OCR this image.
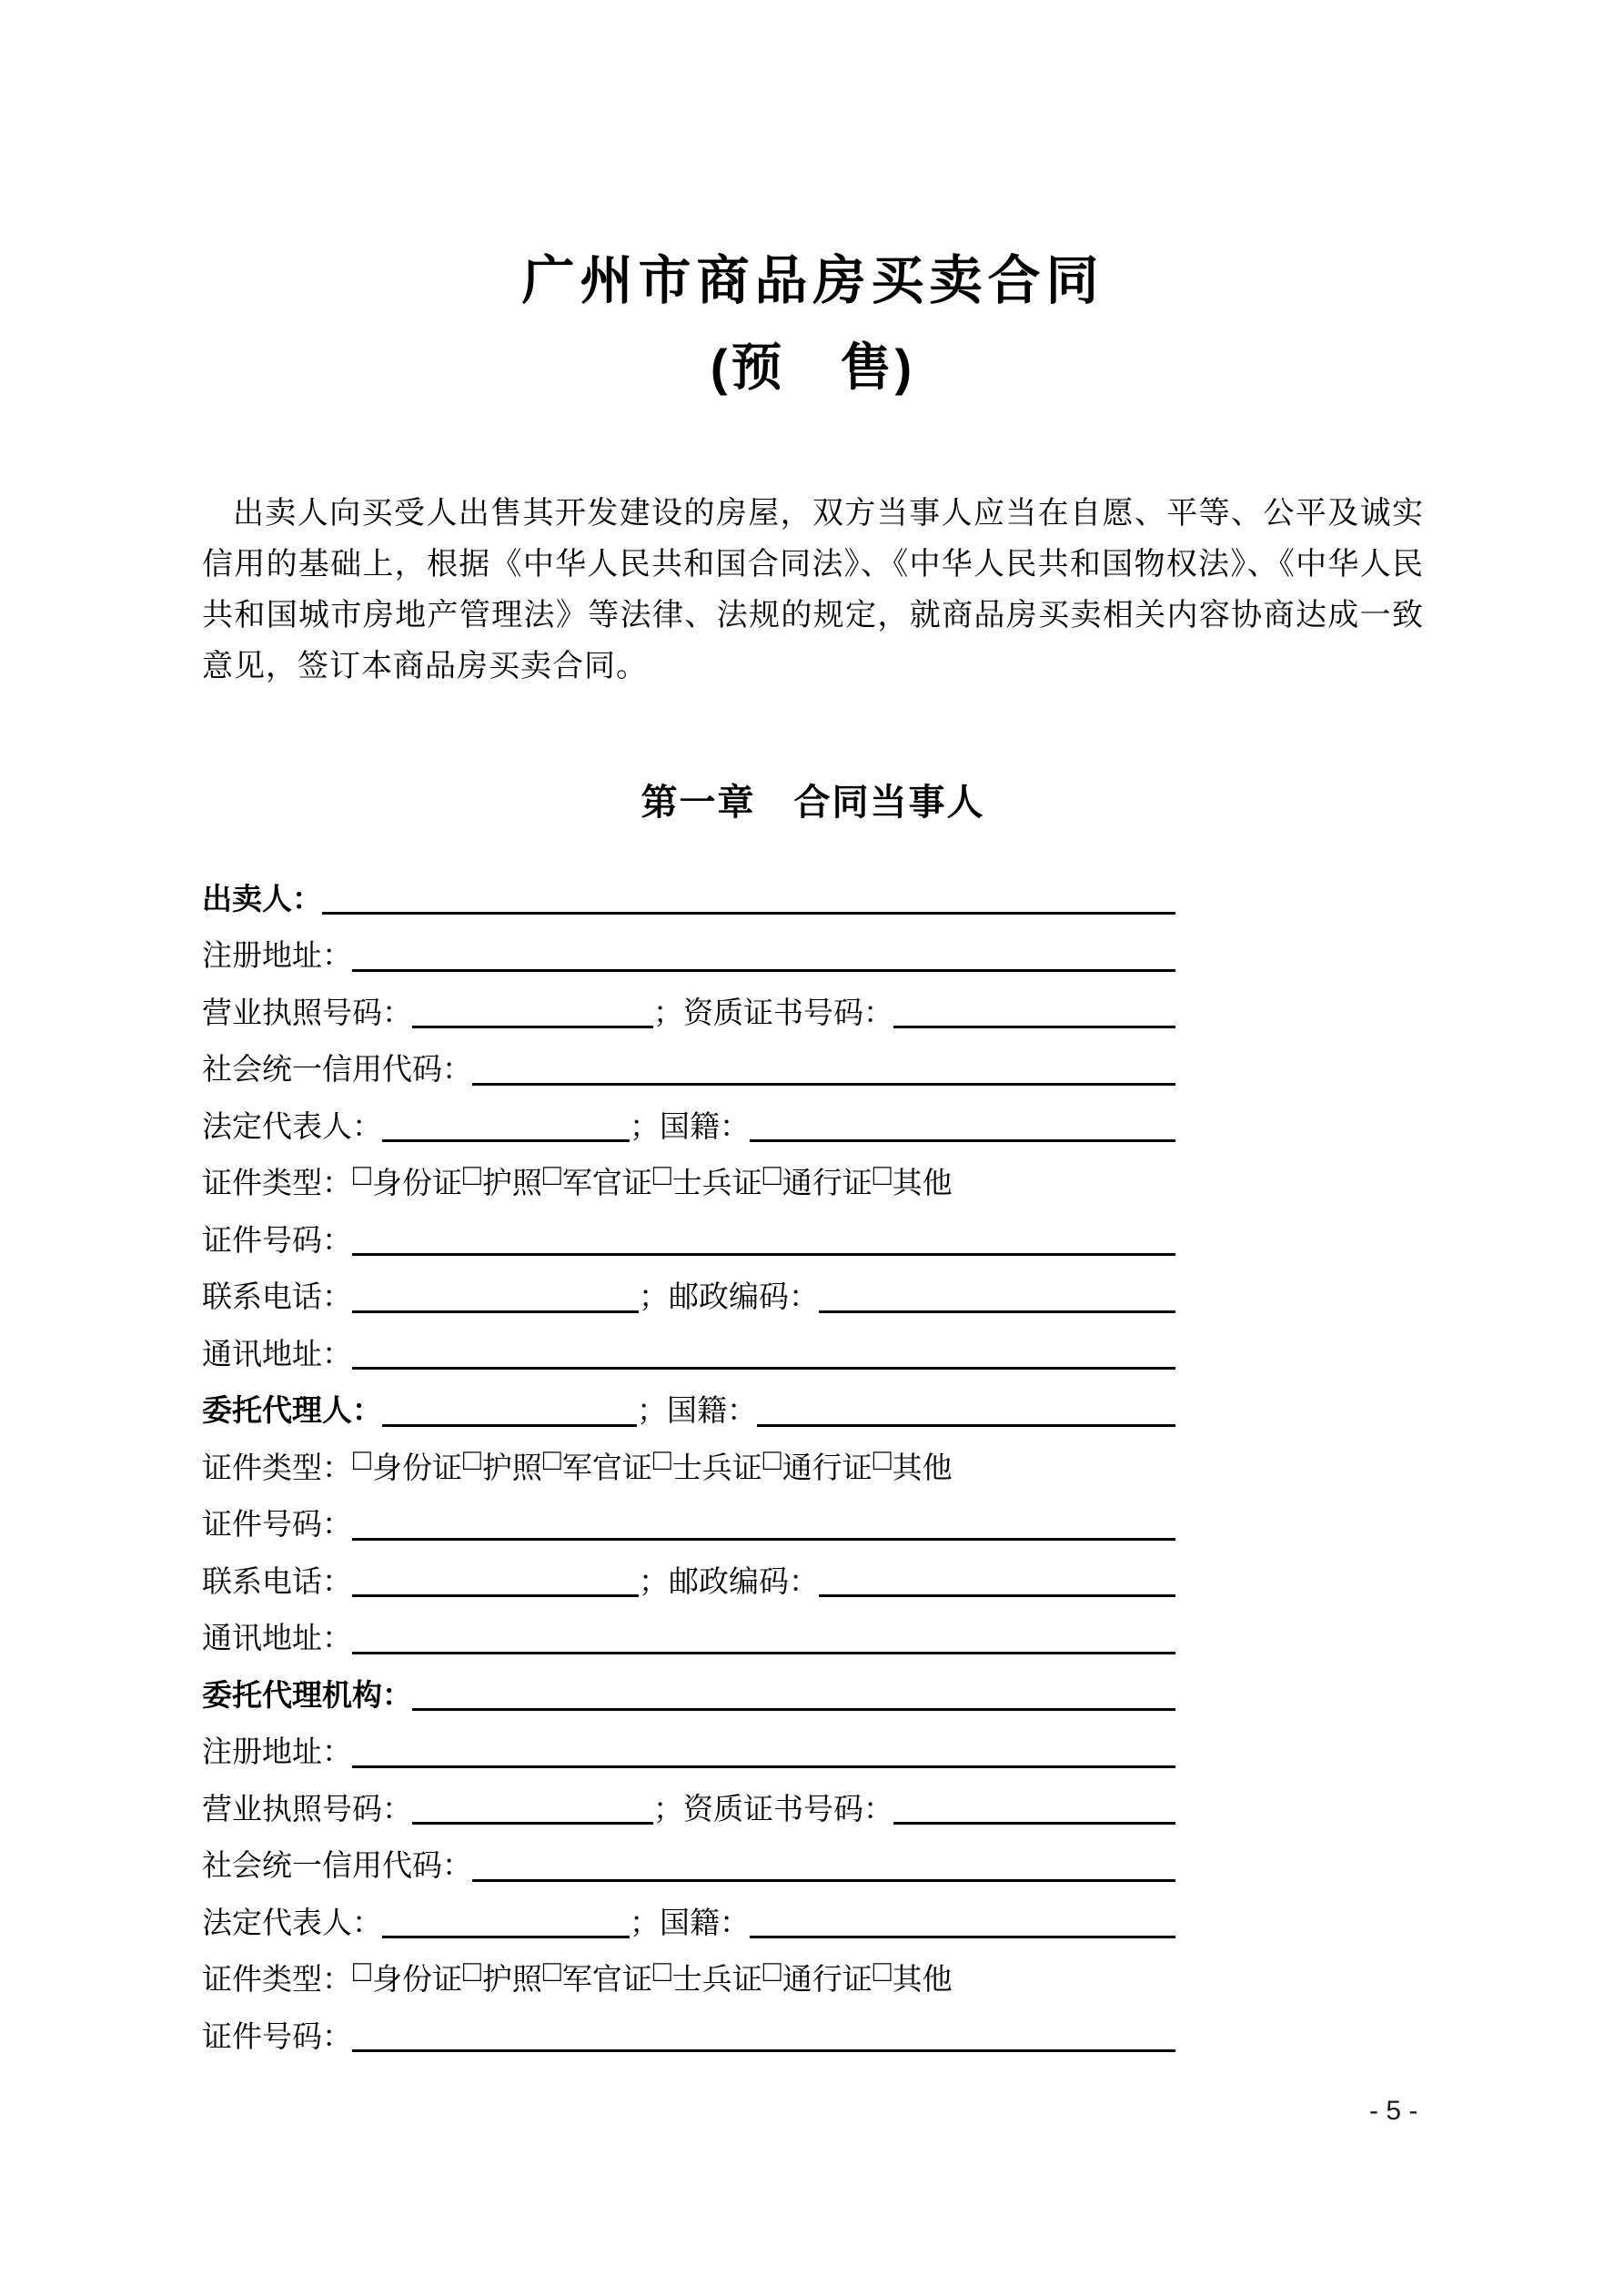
广州市商品房买卖合同
(预　售)

出卖人向买受人出售其开发建设的房屋，双方当事人应当在自愿、平等、公平及诚实信用的基础上，根据《中华人民共和国合同法》、《中华人民共和国物权法》、《中华人民共和国城市房地产管理法》等法律、法规的规定，就商品房买卖相关内容协商达成一致意见，签订本商品房买卖合同。

第一章　合同当事人
出卖人：
注册地址：
营业执照号码：	；资质证书号码：
社会统一信用代码：
法定代表人：	；国籍：
证件类型： □ 身份证 □ 护照 □ 军官证 □ 士兵证 □ 通行证 □ 其他
证件号码：
联系电话：	；邮政编码：
通讯地址：
委托代理人：	；国籍：
证件类型： □ 身份证 □ 护照 □ 军官证 □ 士兵证 □ 通行证 □ 其他
证件号码：
联系电话：	；邮政编码：
通讯地址：
委托代理机构：
注册地址：
营业执照号码：	；资质证书号码：
社会统一信用代码：
法定代表人：	；国籍：
证件类型： □ 身份证 □ 护照 □ 军官证 □ 士兵证 □ 通行证 □ 其他
证件号码：
- 5 -
